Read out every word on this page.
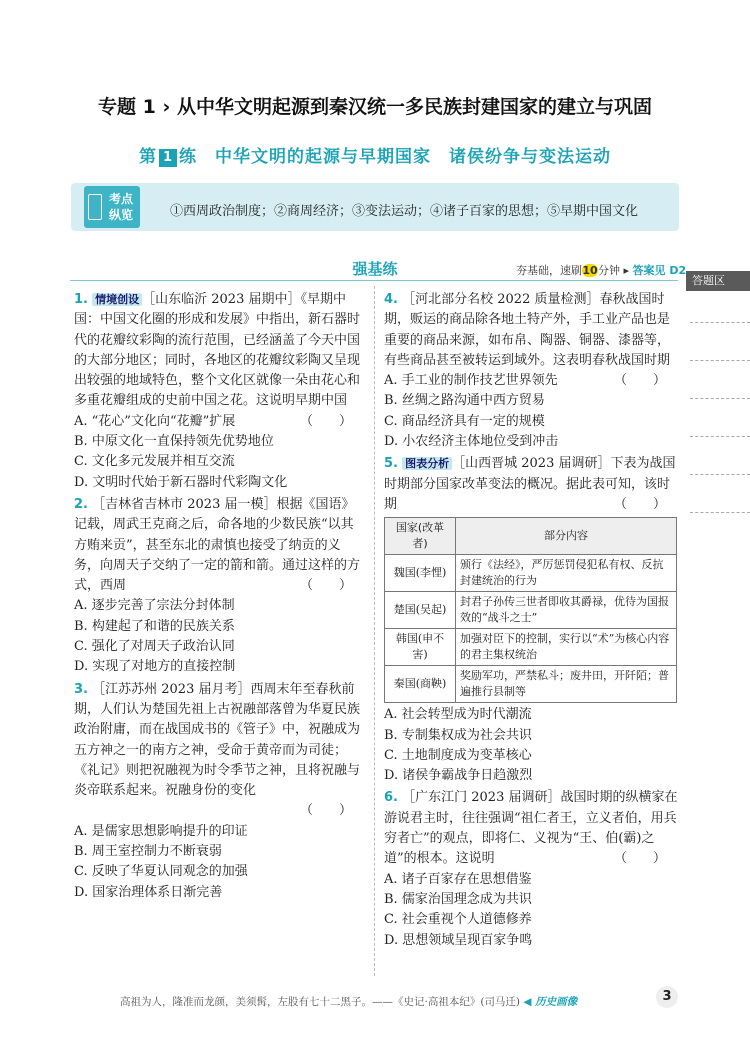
专题 1 › 从中华文明起源到秦汉统一多民族封建国家的建立与巩固
第 1 练　中华文明的起源与早期国家　诸侯纷争与变法运动
考点纵览	①西周政治制度；②商周经济；③变法运动；④诸子百家的思想；⑤早期中国文化
强基练	夯基础，速刷10分钟 ▸ 答案见 D2
答题区

1. 情境创设 ［山东临沂 2023 届期中］《早期中国：中国文化圈的形成和发展》中指出，新石器时代的花瓣纹彩陶的流行范围，已经涵盖了今天中国的大部分地区；同时，各地区的花瓣纹彩陶又呈现出较强的地域特色，整个文化区就像一朵由花心和多重花瓣组成的史前中国之花。这说明早期中国
（　　）

A. “花心”文化向“花瓣”扩展

B. 中原文化一直保持领先优势地位

C. 文化多元发展并相互交流

D. 文明时代始于新石器时代彩陶文化

2. ［吉林省吉林市 2023 届一模］根据《国语》记载，周武王克商之后，命各地的少数民族“以其方贿来贡”，甚至东北的肃慎也接受了纳贡的义务，向周天子交纳了一定的箭和箭。通过这样的方式，西周	（　　）

A. 逐步完善了宗法分封体制

B. 构建起了和谐的民族关系

C. 强化了对周天子政治认同

D. 实现了对地方的直接控制

3. ［江苏苏州 2023 届月考］西周末年至春秋前期，人们认为楚国先祖上古祝融部落曾为华夏民族政治附庸，而在战国成书的《管子》中，祝融成为五方神之一的南方之神，受命于黄帝而为司徒；《礼记》则把祝融视为时令季节之神，且将祝融与炎帝联系起来。祝融身份的变化

（　　）

A. 是儒家思想影响提升的印证

B. 周王室控制力不断衰弱

C. 反映了华夏认同观念的加强

D. 国家治理体系日渐完善

4. ［河北部分名校 2022 质量检测］春秋战国时期，贩运的商品除各地土特产外，手工业产品也是重要的商品来源，如布帛、陶器、铜器、漆器等，有些商品甚至被转运到域外。这表明春秋战国时期
（　　）

A. 手工业的制作技艺世界领先

B. 丝绸之路沟通中西方贸易

C. 商品经济具有一定的规模

D. 小农经济主体地位受到冲击

5. 图表分析 ［山西晋城 2023 届调研］下表为战国时期部分国家改革变法的概况。据此表可知，该时期	（　　）

国家(改革者)	部分内容
魏国(李悝)	颁行《法经》，严厉惩罚侵犯私有权、反抗封建统治的行为
楚国(吴起)	封君子孙传三世者即收其爵禄，优待为国报效的“战斗之士”
韩国(申不害)	加强对臣下的控制，实行以“术”为核心内容的君主集权统治
秦国(商鞅)	奖励军功，严禁私斗；废井田，开阡陌；普遍推行县制等

A. 社会转型成为时代潮流

B. 专制集权成为社会共识

C. 土地制度成为变革核心

D. 诸侯争霸战争日趋激烈

6. ［广东江门 2023 届调研］战国时期的纵横家在游说君主时，往往强调“祖仁者王，立义者伯，用兵穷者亡”的观点，即将仁、义视为“王、伯(霸)之道”的根本。这说明	（　　）

A. 诸子百家存在思想借鉴

B. 儒家治国理念成为共识

C. 社会重视个人道德修养

D. 思想领域呈现百家争鸣

高祖为人，隆准而龙颜，美须髯，左股有七十二黑子。——《史记·高祖本纪》(司马迁) ◀ 历史画像	3
